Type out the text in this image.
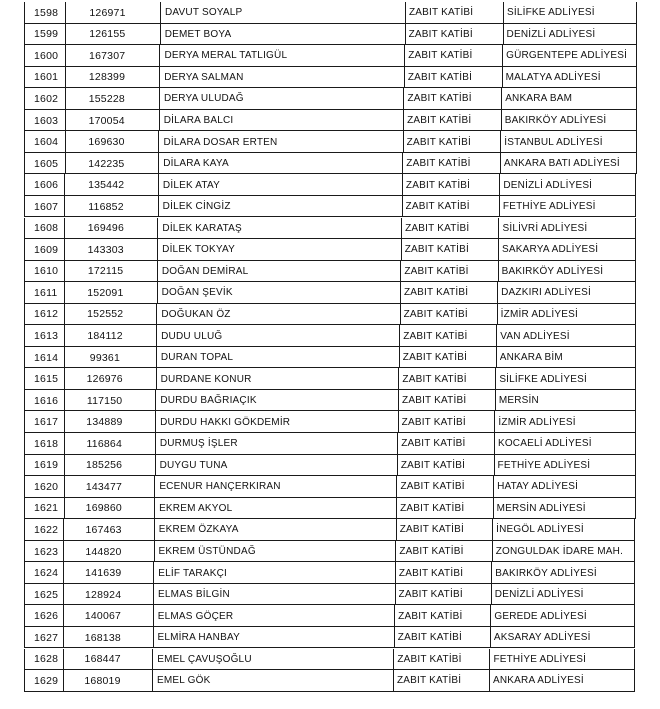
1598	126971	DAVUT SOYALP	ZABIT KATİBİ	SİLİFKE ADLİYESİ
1599	126155	DEMET BOYA	ZABIT KATİBİ	DENİZLİ ADLİYESİ
1600	167307	DERYA MERAL TATLIGÜL	ZABIT KATİBİ	GÜRGENTEPE ADLİYESİ
1601	128399	DERYA SALMAN	ZABIT KATİBİ	MALATYA ADLİYESİ
1602	155228	DERYA ULUDAĞ	ZABIT KATİBİ	ANKARA BAM
1603	170054	DİLARA BALCI	ZABIT KATİBİ	BAKIRKÖY ADLİYESİ
1604	169630	DİLARA DOSAR ERTEN	ZABIT KATİBİ	İSTANBUL ADLİYESİ
1605	142235	DİLARA KAYA	ZABIT KATİBİ	ANKARA BATI ADLİYESİ
1606	135442	DİLEK ATAY	ZABIT KATİBİ	DENİZLİ ADLİYESİ
1607	116852	DİLEK CİNGİZ	ZABIT KATİBİ	FETHİYE ADLİYESİ
1608	169496	DİLEK KARATAŞ	ZABIT KATİBİ	SİLİVRİ ADLİYESİ
1609	143303	DİLEK TOKYAY	ZABIT KATİBİ	SAKARYA ADLİYESİ
1610	172115	DOĞAN DEMİRAL	ZABIT KATİBİ	BAKIRKÖY ADLİYESİ
1611	152091	DOĞAN ŞEVİK	ZABIT KATİBİ	DAZKIRI ADLİYESİ
1612	152552	DOĞUKAN ÖZ	ZABIT KATİBİ	İZMİR ADLİYESİ
1613	184112	DUDU ULUĞ	ZABIT KATİBİ	VAN ADLİYESİ
1614	99361	DURAN TOPAL	ZABIT KATİBİ	ANKARA BİM
1615	126976	DURDANE KONUR	ZABIT KATİBİ	SİLİFKE ADLİYESİ
1616	117150	DURDU BAĞRIAÇIK	ZABIT KATİBİ	MERSİN
1617	134889	DURDU HAKKI GÖKDEMİR	ZABIT KATİBİ	İZMİR ADLİYESİ
1618	116864	DURMUŞ İŞLER	ZABIT KATİBİ	KOCAELİ ADLİYESİ
1619	185256	DUYGU TUNA	ZABIT KATİBİ	FETHİYE ADLİYESİ
1620	143477	ECENUR HANÇERKIRAN	ZABIT KATİBİ	HATAY ADLİYESİ
1621	169860	EKREM AKYOL	ZABIT KATİBİ	MERSİN ADLİYESİ
1622	167463	EKREM ÖZKAYA	ZABIT KATİBİ	İNEGÖL ADLİYESİ
1623	144820	EKREM ÜSTÜNDAĞ	ZABIT KATİBİ	ZONGULDAK İDARE MAH.
1624	141639	ELİF TARAKÇI	ZABIT KATİBİ	BAKIRKÖY ADLİYESİ
1625	128924	ELMAS BİLGİN	ZABIT KATİBİ	DENİZLİ ADLİYESİ
1626	140067	ELMAS GÖÇER	ZABIT KATİBİ	GEREDE ADLİYESİ
1627	168138	ELMİRA HANBAY	ZABIT KATİBİ	AKSARAY ADLİYESİ
1628	168447	EMEL ÇAVUŞOĞLU	ZABIT KATİBİ	FETHİYE ADLİYESİ
1629	168019	EMEL GÖK	ZABIT KATİBİ	ANKARA ADLİYESİ
